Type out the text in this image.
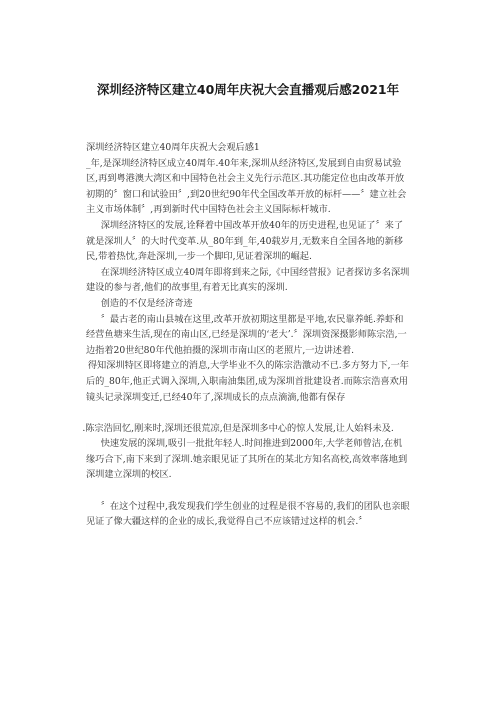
深圳经济特区建立40周年庆祝大会直播观后感2021年

深圳经济特区建立40周年庆祝大会观后感1

_年,是深圳经济特区成立40周年.40年来,深圳从经济特区,发展到自由贸易试验区,再到粤港澳大湾区和中国特色社会主义先行示范区.其功能定位也由改革开放初期的〞窗口和试验田〞,到20世纪90年代全国改革开放的标杆——〞建立社会主义市场体制〞,再到新时代中国特色社会主义国际标杆城市.

深圳经济特区的发展,诠释着中国改革开放40年的历史进程,也见证了〞来了就是深圳人〞的大时代变革.从_80年到_年,40载岁月,无数来自全国各地的新移民,带着热忱,奔赴深圳,一步一个脚印,见证着深圳的崛起.

在深圳经济特区成立40周年即将到来之际,《中国经营报》记者探访多名深圳建设的参与者,他们的故事里,有着无比真实的深圳.

创造的不仅是经济奇迹

〞最古老的南山县城在这里,改革开放初期这里都是平地,农民靠养蚝.养虾和经营鱼塘来生活,现在的南山区,已经是深圳的‘老大’.〞深圳资深摄影师陈宗浩,一边指着20世纪80年代他拍摄的深圳市南山区的老照片,一边讲述着.

得知深圳特区即将建立的消息,大学毕业不久的陈宗浩激动不已.多方努力下,一年后的_80年,他正式调入深圳,入职南油集团,成为深圳首批建设者.而陈宗浩喜欢用镜头记录深圳变迁,已经40年了,深圳成长的点点滴滴,他都有保存

.陈宗浩回忆,刚来时,深圳还很荒凉,但是深圳多中心的惊人发展,让人始料未及.

快速发展的深圳,吸引一批批年轻人.时间推进到2000年,大学老师曾洁,在机缘巧合下,南下来到了深圳.她亲眼见证了其所在的某北方知名高校,高效率落地到深圳建立深圳的校区.

〞在这个过程中,我发现我们学生创业的过程是很不容易的,我们的团队也亲眼见证了像大疆这样的企业的成长,我觉得自己不应该错过这样的机会.〞
